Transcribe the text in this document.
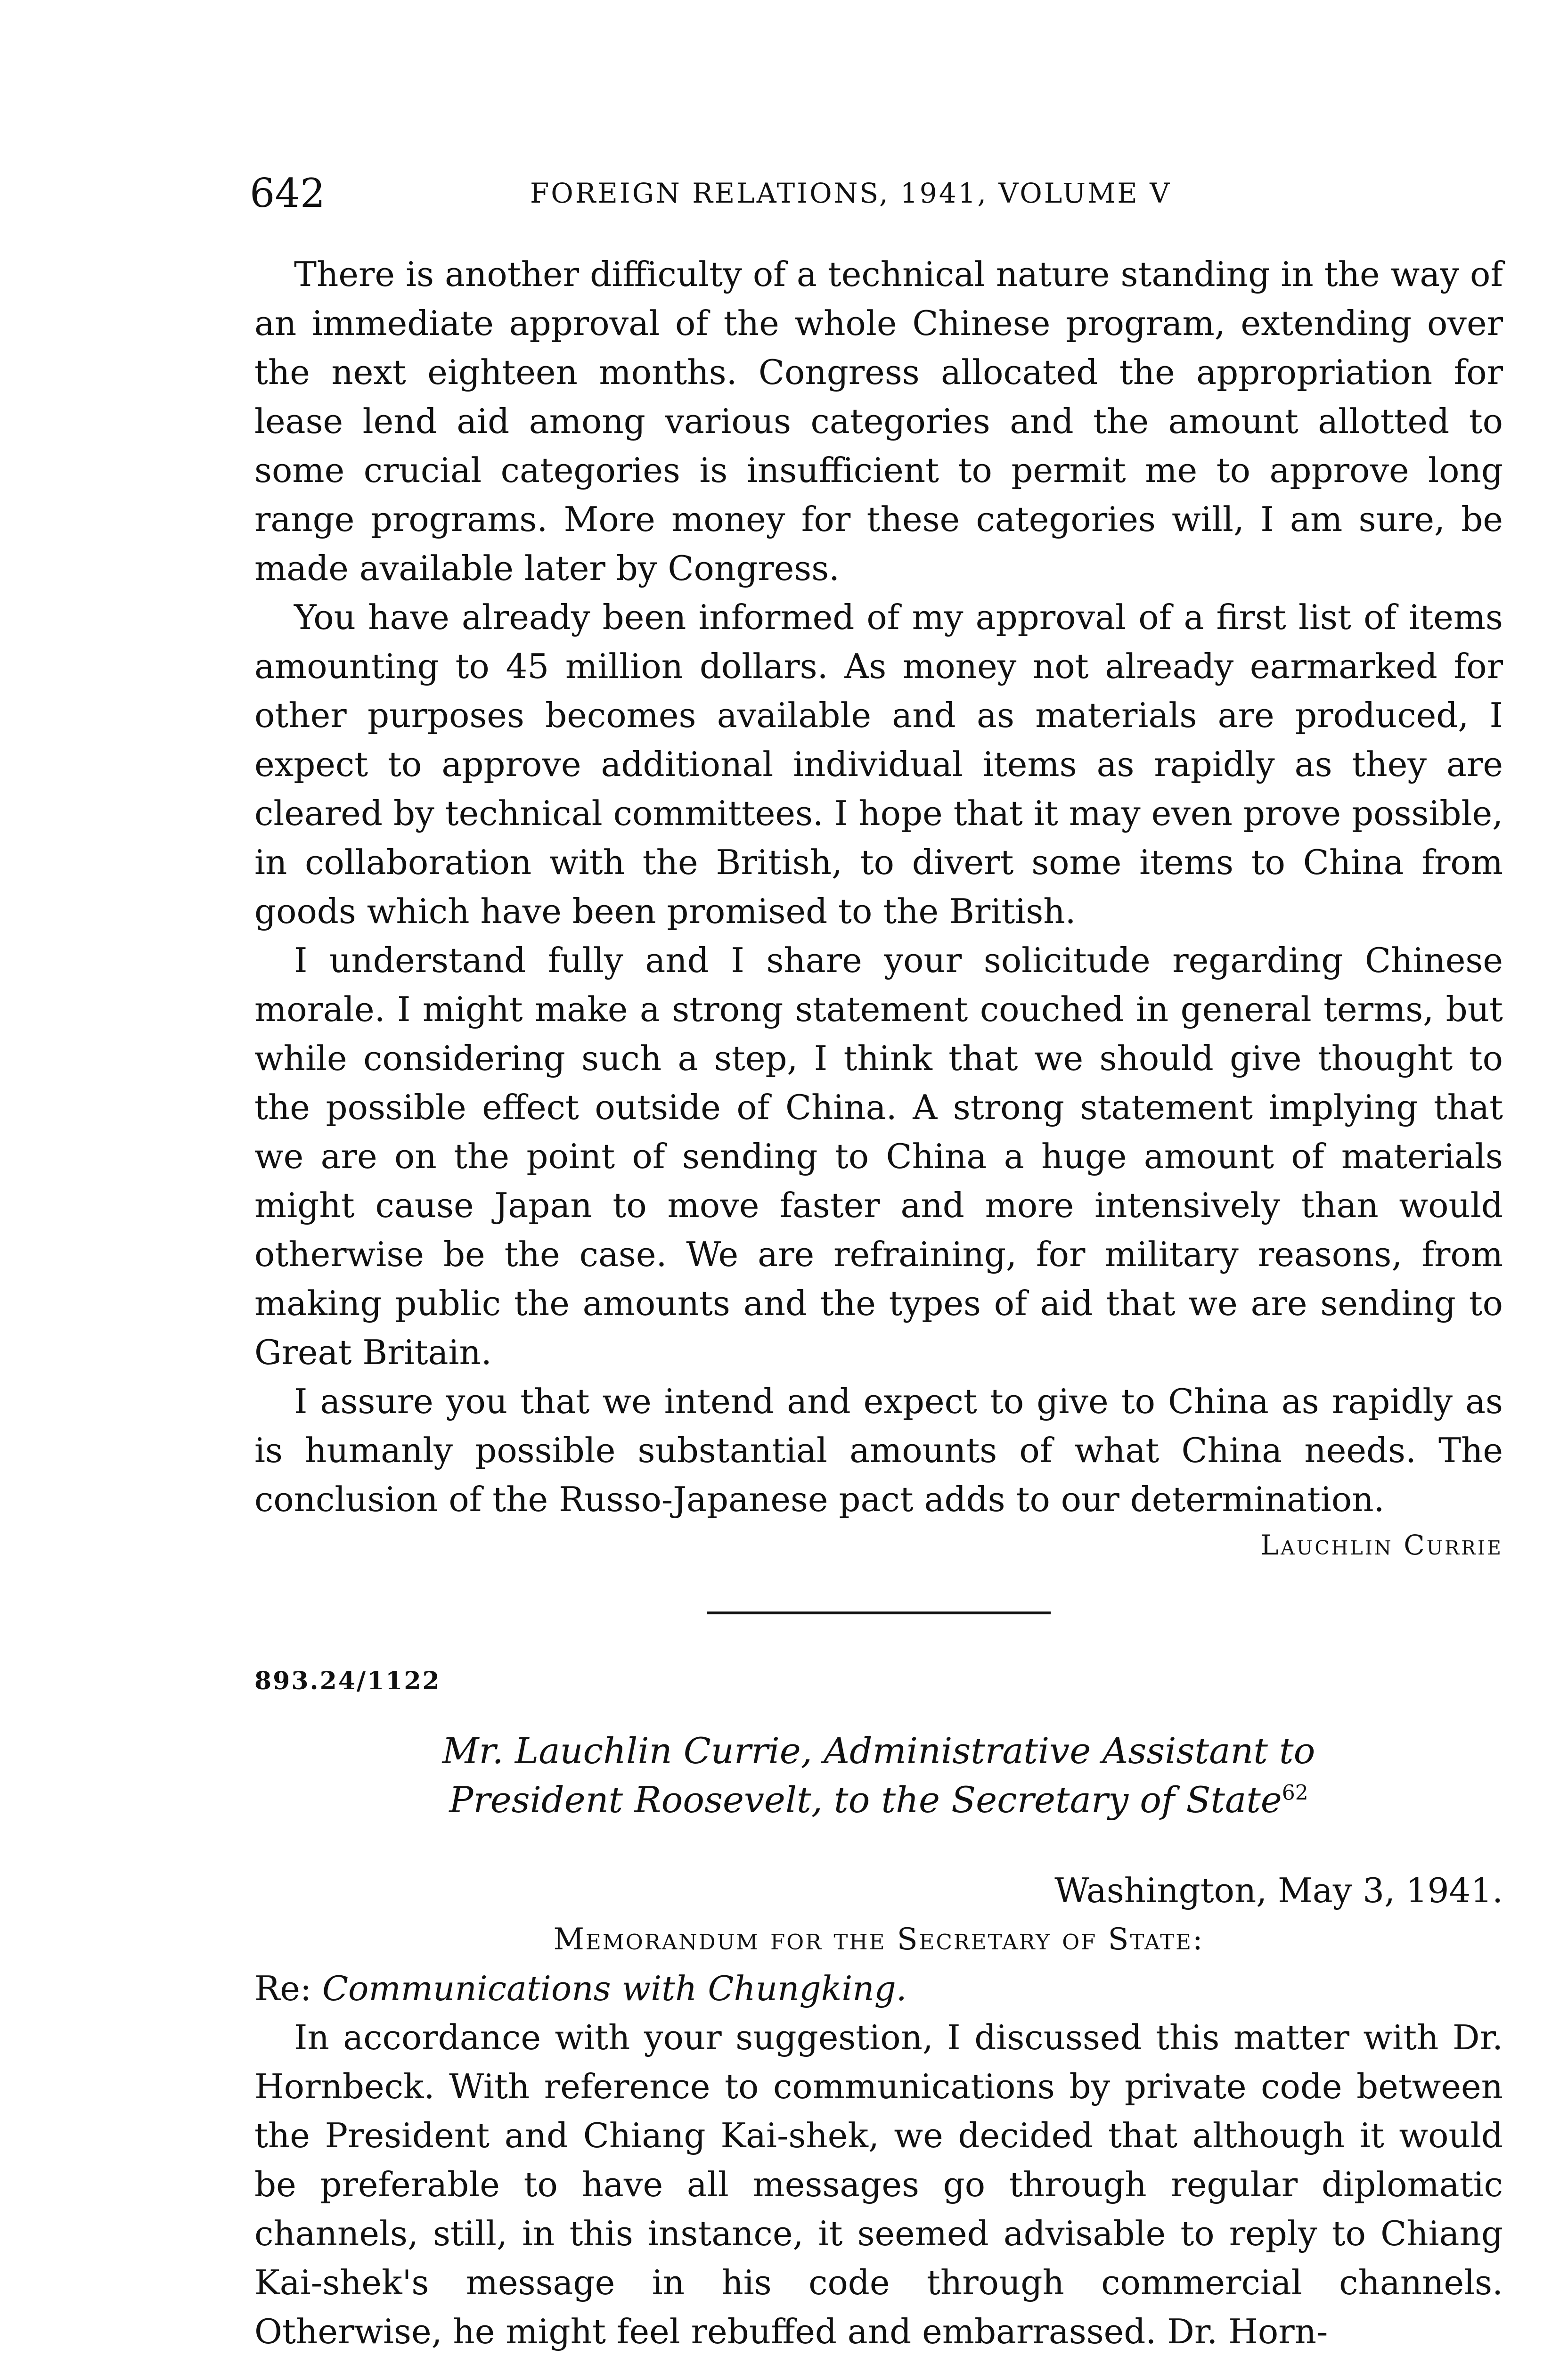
642	FOREIGN RELATIONS, 1941, VOLUME V

There is another difficulty of a technical nature standing in the way of an immediate approval of the whole Chinese program, extending over the next eighteen months. Congress allocated the appropriation for lease lend aid among various categories and the amount allotted to some crucial categories is insufficient to permit me to approve long range programs. More money for these categories will, I am sure, be made available later by Congress.

You have already been informed of my approval of a first list of items amounting to 45 million dollars. As money not already earmarked for other purposes becomes available and as materials are produced, I expect to approve additional individual items as rapidly as they are cleared by technical committees. I hope that it may even prove possible, in collaboration with the British, to divert some items to China from goods which have been promised to the British.

I understand fully and I share your solicitude regarding Chinese morale. I might make a strong statement couched in general terms, but while considering such a step, I think that we should give thought to the possible effect outside of China. A strong statement implying that we are on the point of sending to China a huge amount of materials might cause Japan to move faster and more intensively than would otherwise be the case. We are refraining, for military reasons, from making public the amounts and the types of aid that we are sending to Great Britain.

I assure you that we intend and expect to give to China as rapidly as is humanly possible substantial amounts of what China needs. The conclusion of the Russo-Japanese pact adds to our determination.

Lauchlin Currie

893.24/1122

Mr. Lauchlin Currie, Administrative Assistant to President Roosevelt, to the Secretary of State$^{62}$

Washington, May 3, 1941.

Memorandum for the Secretary of State:

Re: Communications with Chungking.

In accordance with your suggestion, I discussed this matter with Dr. Hornbeck. With reference to communications by private code between the President and Chiang Kai-shek, we decided that although it would be preferable to have all messages go through regular diplomatic channels, still, in this instance, it seemed advisable to reply to Chiang Kai-shek's message in his code through commercial channels. Otherwise, he might feel rebuffed and embarrassed. Dr. Horn-
